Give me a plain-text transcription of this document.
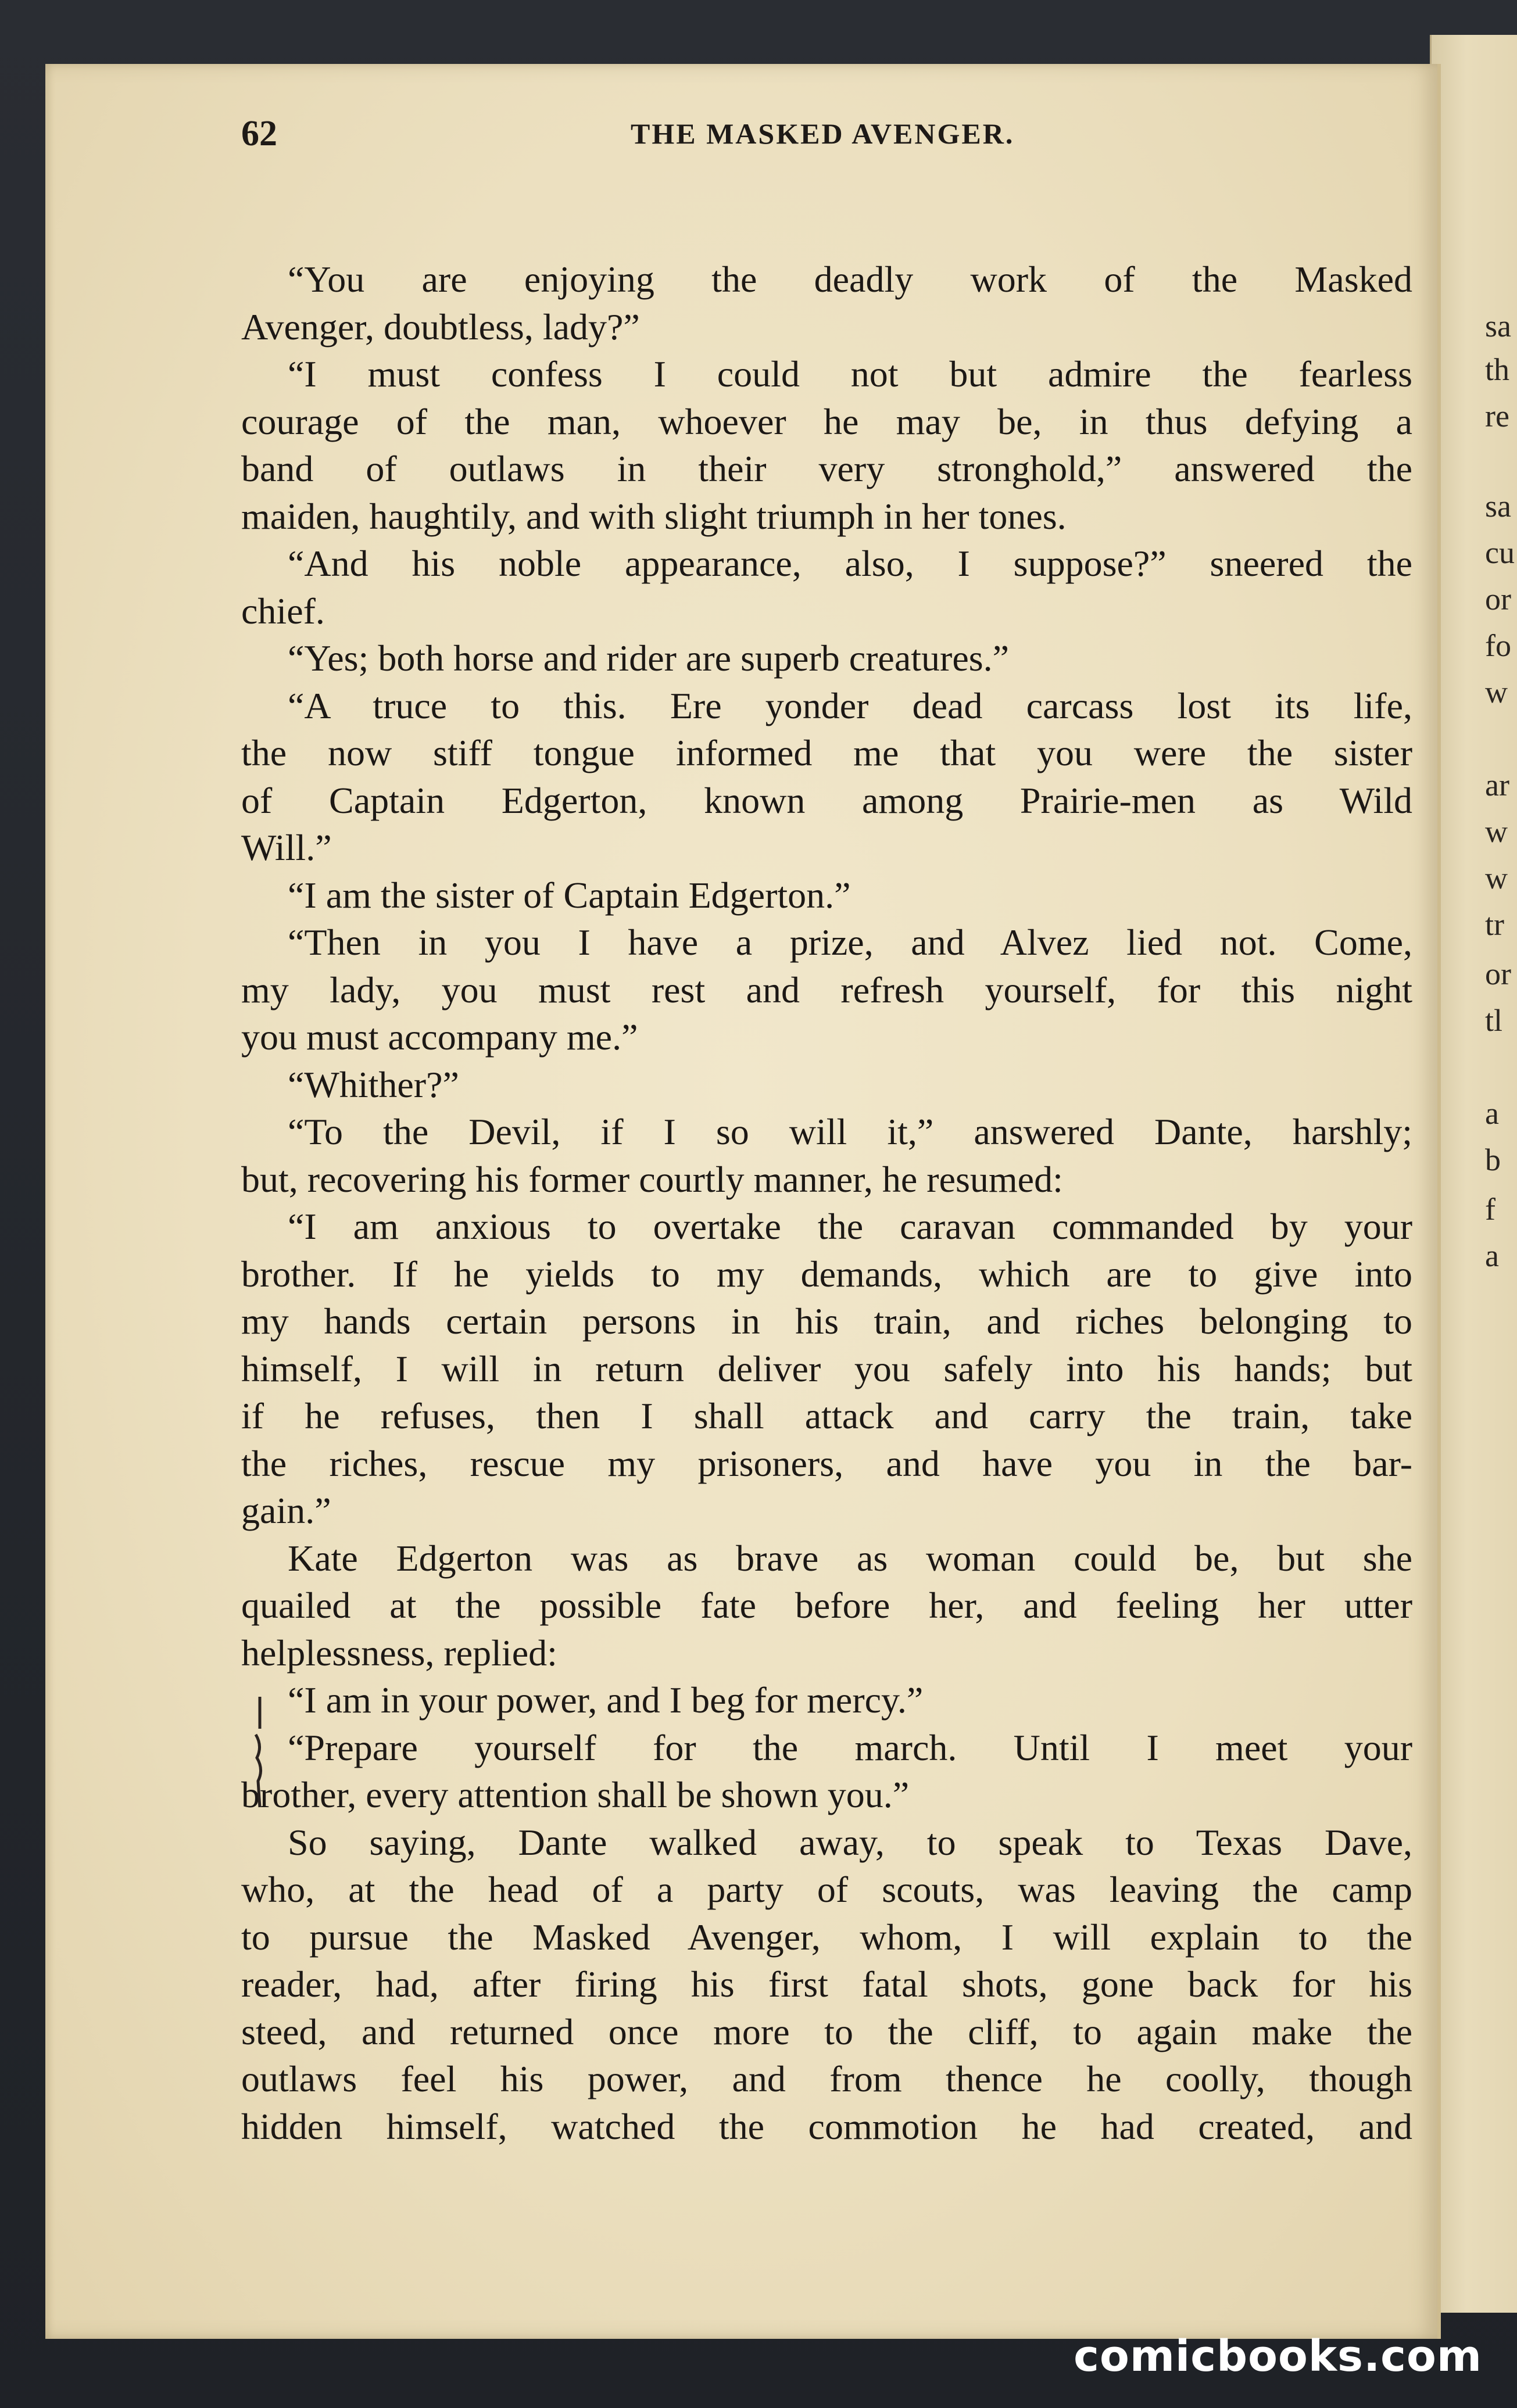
sa
th
re
sa
cu
or
fo
w
ar
w
w
tr
or
tl
a
b
f
a
62	THE MASKED AVENGER.
“You are enjoying the deadly work of the Masked
Avenger, doubtless, lady?”
“I must confess I could not but admire the fearless
courage of the man, whoever he may be, in thus defying a
band of outlaws in their very stronghold,” answered the
maiden, haughtily, and with slight triumph in her tones.
“And his noble appearance, also, I suppose?” sneered the
chief.
“Yes; both horse and rider are superb creatures.”
“A truce to this. Ere yonder dead carcass lost its life,
the now stiff tongue informed me that you were the sister
of Captain Edgerton, known among Prairie-men as Wild
Will.”
“I am the sister of Captain Edgerton.”
“Then in you I have a prize, and Alvez lied not. Come,
my lady, you must rest and refresh yourself, for this night
you must accompany me.”
“Whither?”
“To the Devil, if I so will it,” answered Dante, harshly;
but, recovering his former courtly manner, he resumed:
“I am anxious to overtake the caravan commanded by your
brother. If he yields to my demands, which are to give into
my hands certain persons in his train, and riches belonging to
himself, I will in return deliver you safely into his hands; but
if he refuses, then I shall attack and carry the train, take
the riches, rescue my prisoners, and have you in the bar-
gain.”
Kate Edgerton was as brave as woman could be, but she
quailed at the possible fate before her, and feeling her utter
helplessness, replied:
“I am in your power, and I beg for mercy.”
“Prepare yourself for the march. Until I meet your
brother, every attention shall be shown you.”
So saying, Dante walked away, to speak to Texas Dave,
who, at the head of a party of scouts, was leaving the camp
to pursue the Masked Avenger, whom, I will explain to the
reader, had, after firing his first fatal shots, gone back for his
steed, and returned once more to the cliff, to again make the
outlaws feel his power, and from thence he coolly, though
hidden himself, watched the commotion he had created, and
comicbooks.com
